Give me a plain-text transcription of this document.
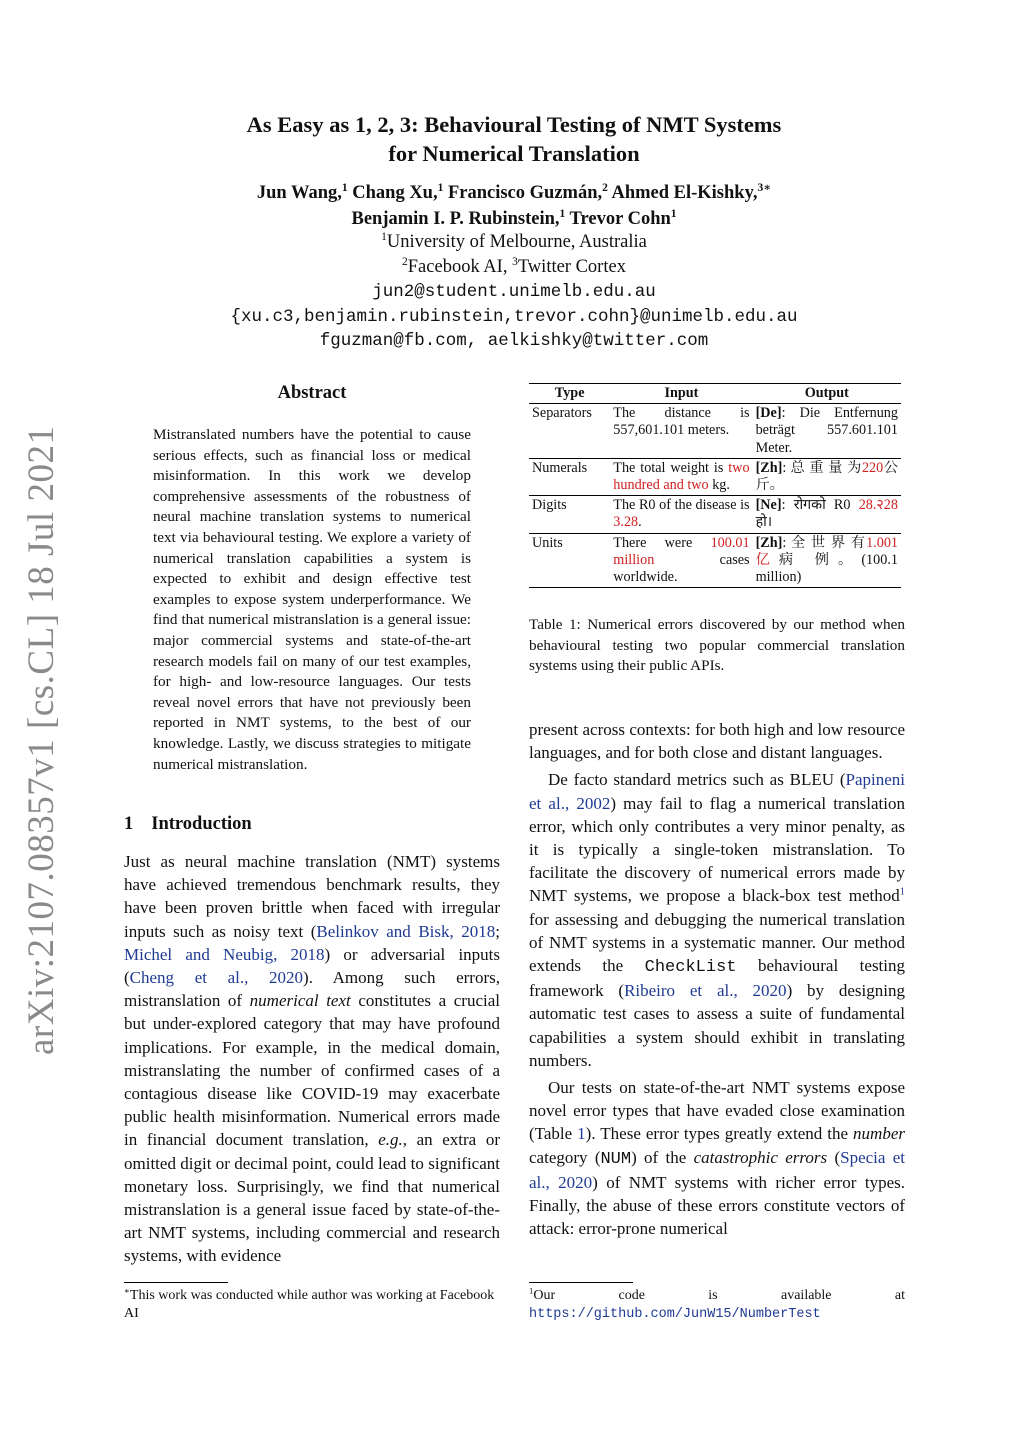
arXiv:2107.08357v1 [cs.CL] 18 Jul 2021
As Easy as 1, 2, 3: Behavioural Testing of NMT Systems
for Numerical Translation
Jun Wang,$^1$ Chang Xu,$^1$ Francisco Guzmán,$^2$ Ahmed El-Kishky,$^{3∗}$
Benjamin I. P. Rubinstein,$^1$ Trevor Cohn$^1$
$^1$University of Melbourne, Australia
$^2$Facebook AI, $^3$Twitter Cortex
jun2@student.unimelb.edu.au
{xu.c3,benjamin.rubinstein,trevor.cohn}@unimelb.edu.au
fguzman@fb.com, aelkishky@twitter.com
Abstract
Mistranslated numbers have the potential to cause serious effects, such as financial loss or medical misinformation. In this work we develop comprehensive assessments of the robustness of neural machine translation systems to numerical text via behavioural testing. We explore a variety of numerical translation capabilities a system is expected to exhibit and design effective test examples to expose system underperformance. We find that numerical mistranslation is a general issue: major commercial systems and state-of-the-art research models fail on many of our test examples, for high- and low-resource languages. Our tests reveal novel errors that have not previously been reported in NMT systems, to the best of our knowledge. Lastly, we discuss strategies to mitigate numerical mistranslation.
1 Introduction
Just as neural machine translation (NMT) systems have achieved tremendous benchmark results, they have been proven brittle when faced with irregular inputs such as noisy text (Belinkov and Bisk, 2018; Michel and Neubig, 2018) or adversarial inputs (Cheng et al., 2020). Among such errors, mistranslation of numerical text constitutes a crucial but under-explored category that may have profound implications. For example, in the medical domain, mistranslating the number of confirmed cases of a contagious disease like COVID-19 may exacerbate public health misinformation. Numerical errors made in financial document translation, e.g., an extra or omitted digit or decimal point, could lead to significant monetary loss. Surprisingly, we find that numerical mistranslation is a general issue faced by state-of-the-art NMT systems, including commercial and research systems, with evidence
Type	Input	Output
Separators	The distance is 557,601.101 meters.	[De]: Die Entfernung beträgt 557.601.101 Meter.
Numerals	The total weight is two hundred and two kg.	[Zh]: 总 重 量 为220公斤。
Digits	The R0 of the disease is 3.28.	[Ne]: रोगको R0 28.२28 हो।
Units	There were 100.01 million cases worldwide.	[Zh]: 全 世 界 有1.001 亿病 例。(100.1 million)
Table 1: Numerical errors discovered by our method when behavioural testing two popular commercial translation systems using their public APIs.

present across contexts: for both high and low resource languages, and for both close and distant languages.

De facto standard metrics such as BLEU (Papineni et al., 2002) may fail to flag a numerical translation error, which only contributes a very minor penalty, as it is typically a single-token mistranslation. To facilitate the discovery of numerical errors made by NMT systems, we propose a black-box test method$^1$ for assessing and debugging the numerical translation of NMT systems in a systematic manner. Our method extends the CheckList behavioural testing framework (Ribeiro et al., 2020) by designing automatic test cases to assess a suite of fundamental capabilities a system should exhibit in translating numbers.

Our tests on state-of-the-art NMT systems expose novel error types that have evaded close examination (Table 1). These error types greatly extend the number category (NUM) of the catastrophic errors (Specia et al., 2020) of NMT systems with richer error types. Finally, the abuse of these errors constitute vectors of attack: error-prone numerical

∗This work was conducted while author was working at Facebook AI
$^1$Our code is available at https://github.com/JunW15/NumberTest
